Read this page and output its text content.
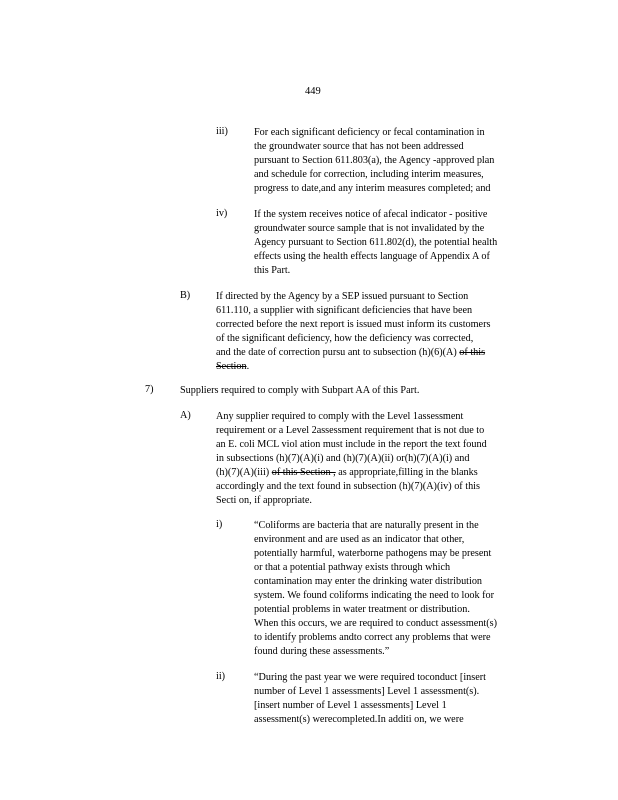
449
iii)	For each significant deficiency or fecal contamination in

the groundwater source that has not been addressed

pursuant to Section 611.803(a), the Agency -approved plan

and schedule for correction, including interim measures,

progress to date,and any interim measures completed; and

iv)	If the system receives notice of afecal indicator - positive

groundwater source sample that is not invalidated by the

Agency pursuant to Section 611.802(d), the potential health

effects using the health effects language of Appendix A of

this Part.

B)	If directed by the Agency by a SEP issued pursuant to Section

611.110, a supplier with significant deficiencies that have been

corrected before the next report is issued must inform its customers

of the significant deficiency, how the deficiency was corrected,

and the date of correction pursu ant to subsection (h)(6)(A) of this

Section.

7)	Suppliers required to comply with Subpart AA of this Part.

A) Any supplier required to comply with the Level 1assessment

requirement or a Level 2assessment requirement that is not due to

an E. coli MCL viol ation must include in the report the text found

in subsections (h)(7)(A)(i) and (h)(7)(A)(ii) or(h)(7)(A)(i) and

(h)(7)(A)(iii) of this Section , as appropriate,filling in the blanks

accordingly and the text found in subsection (h)(7)(A)(iv) of this

Secti on, if appropriate.

i)	“Coliforms are bacteria that are naturally present in the

environment and are used as an indicator that other,

potentially harmful, waterborne pathogens may be present

or that a potential pathway exists through which

contamination may enter the drinking water distribution

system. We found coliforms indicating the need to look for

potential problems in water treatment or distribution.

When this occurs, we are required to conduct assessment(s)

to identify problems andto correct any problems that were

found during these assessments.”

ii)	“During the past year we were required toconduct [insert

number of Level 1 assessments] Level 1 assessment(s).

[insert number of Level 1 assessments] Level 1

assessment(s) werecompleted.In additi on, we were
